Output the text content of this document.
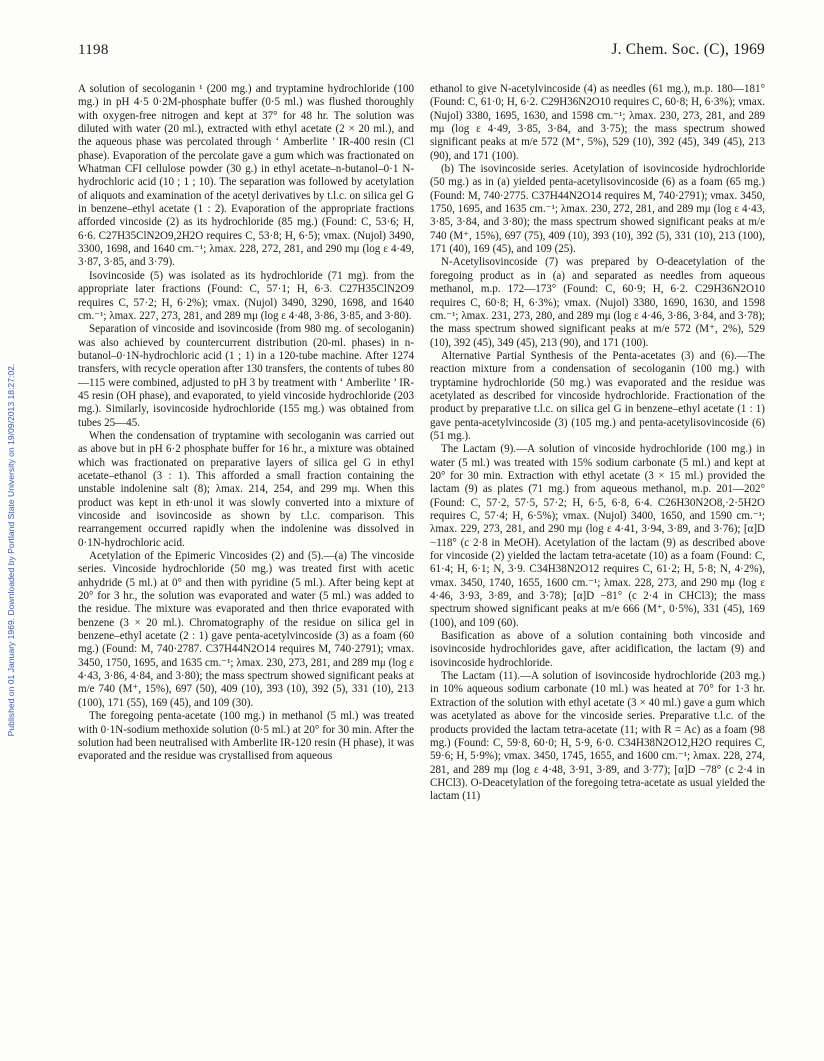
Published on 01 January 1969. Downloaded by Portland State University on 19/09/2013 18:27:02.
1198	J. Chem. Soc. (C), 1969

A solution of secologanin ¹ (200 mg.) and tryptamine hydrochloride (100 mg.) in pH 4·5 0·2M-phosphate buffer (0·5 ml.) was flushed thoroughly with oxygen-free nitrogen and kept at 37° for 48 hr. The solution was diluted with water (20 ml.), extracted with ethyl acetate (2 × 20 ml.), and the aqueous phase was percolated through ‘ Amberlite ’ IR-400 resin (Cl phase). Evaporation of the percolate gave a gum which was fractionated on Whatman CFI cellulose powder (30 g.) in ethyl acetate–n-butanol–0·1 N-hydrochloric acid (10 ; 1 ; 10). The separation was followed by acetylation of aliquots and examination of the acetyl derivatives by t.l.c. on silica gel G in benzene–ethyl acetate (1 : 2). Evaporation of the appropriate fractions afforded vincoside (2) as its hydrochloride (85 mg.) (Found: C, 53·6; H, 6·6. C27H35ClN2O9,2H2O requires C, 53·8; H, 6·5); νmax. (Nujol) 3490, 3300, 1698, and 1640 cm.⁻¹; λmax. 228, 272, 281, and 290 mμ (log ε 4·49, 3·87, 3·85, and 3·79).

Isovincoside (5) was isolated as its hydrochloride (71 mg). from the appropriate later fractions (Found: C, 57·1; H, 6·3. C27H35ClN2O9 requires C, 57·2; H, 6·2%); νmax. (Nujol) 3490, 3290, 1698, and 1640 cm.⁻¹; λmax. 227, 273, 281, and 289 mμ (log ε 4·48, 3·86, 3·85, and 3·80).

Separation of vincoside and isovincoside (from 980 mg. of secologanin) was also achieved by countercurrent distribution (20-ml. phases) in n-butanol–0·1N-hydrochloric acid (1 ; 1) in a 120-tube machine. After 1274 transfers, with recycle operation after 130 transfers, the contents of tubes 80—115 were combined, adjusted to pH 3 by treatment with ‘ Amberlite ’ IR-45 resin (OH phase), and evaporated, to yield vincoside hydrochloride (203 mg.). Similarly, isovincoside hydrochloride (155 mg.) was obtained from tubes 25—45.

When the condensation of tryptamine with secologanin was carried out as above but in pH 6·2 phosphate buffer for 16 hr., a mixture was obtained which was fractionated on preparative layers of silica gel G in ethyl acetate–ethanol (3 : 1). This afforded a small fraction containing the unstable indolenine salt (8); λmax. 214, 254, and 299 mμ. When this product was kept in eth·unol it was slowly converted into a mixture of vincoside and isovincoside as shown by t.l.c. comparison. This rearrangement occurred rapidly when the indolenine was dissolved in 0·1N-hydrochloric acid.

Acetylation of the Epimeric Vincosides (2) and (5).—(a) The vincoside series. Vincoside hydrochloride (50 mg.) was treated first with acetic anhydride (5 ml.) at 0° and then with pyridine (5 ml.). After being kept at 20° for 3 hr., the solution was evaporated and water (5 ml.) was added to the residue. The mixture was evaporated and then thrice evaporated with benzene (3 × 20 ml.). Chromatography of the residue on silica gel in benzene–ethyl acetate (2 : 1) gave penta-acetylvincoside (3) as a foam (60 mg.) (Found: M, 740·2787. C37H44N2O14 requires M, 740·2791); νmax. 3450, 1750, 1695, and 1635 cm.⁻¹; λmax. 230, 273, 281, and 289 mμ (log ε 4·43, 3·86, 4·84, and 3·80); the mass spectrum showed significant peaks at m/e 740 (M⁺, 15%), 697 (50), 409 (10), 393 (10), 392 (5), 331 (10), 213 (100), 171 (55), 169 (45), and 109 (30).

The foregoing penta-acetate (100 mg.) in methanol (5 ml.) was treated with 0·1N-sodium methoxide solution (0·5 ml.) at 20° for 30 min. After the solution had been neutralised with Amberlite IR-120 resin (H phase), it was evaporated and the residue was crystallised from aqueous

ethanol to give N-acetylvincoside (4) as needles (61 mg.), m.p. 180—181° (Found: C, 61·0; H, 6·2. C29H36N2O10 requires C, 60·8; H, 6·3%); νmax. (Nujol) 3380, 1695, 1630, and 1598 cm.⁻¹; λmax. 230, 273, 281, and 289 mμ (log ε 4·49, 3·85, 3·84, and 3·75); the mass spectrum showed significant peaks at m/e 572 (M⁺, 5%), 529 (10), 392 (45), 349 (45), 213 (90), and 171 (100).

(b) The isovincoside series. Acetylation of isovincoside hydrochloride (50 mg.) as in (a) yielded penta-acetylisovincoside (6) as a foam (65 mg.) (Found: M, 740·2775. C37H44N2O14 requires M, 740·2791); νmax. 3450, 1750, 1695, and 1635 cm.⁻¹; λmax. 230, 272, 281, and 289 mμ (log ε 4·43, 3·85, 3·84, and 3·80); the mass spectrum showed significant peaks at m/e 740 (M⁺, 15%), 697 (75), 409 (10), 393 (10), 392 (5), 331 (10), 213 (100), 171 (40), 169 (45), and 109 (25).

N-Acetylisovincoside (7) was prepared by O-deacetylation of the foregoing product as in (a) and separated as needles from aqueous methanol, m.p. 172—173° (Found: C, 60·9; H, 6·2. C29H36N2O10 requires C, 60·8; H, 6·3%); νmax. (Nujol) 3380, 1690, 1630, and 1598 cm.⁻¹; λmax. 231, 273, 280, and 289 mμ (log ε 4·46, 3·86, 3·84, and 3·78); the mass spectrum showed significant peaks at m/e 572 (M⁺, 2%), 529 (10), 392 (45), 349 (45), 213 (90), and 171 (100).

Alternative Partial Synthesis of the Penta-acetates (3) and (6).—The reaction mixture from a condensation of secologanin (100 mg.) with tryptamine hydrochloride (50 mg.) was evaporated and the residue was acetylated as described for vincoside hydrochloride. Fractionation of the product by preparative t.l.c. on silica gel G in benzene–ethyl acetate (1 : 1) gave penta-acetylvincoside (3) (105 mg.) and penta-acetylisovincoside (6) (51 mg.).

The Lactam (9).—A solution of vincoside hydrochloride (100 mg.) in water (5 ml.) was treated with 15% sodium carbonate (5 ml.) and kept at 20° for 30 min. Extraction with ethyl acetate (3 × 15 ml.) provided the lactam (9) as plates (71 mg.) from aqueous methanol, m.p. 201—202° (Found: C, 57·2, 57·5, 57·2; H, 6·5, 6·8, 6·4. C26H30N2O8,·2·5H2O requires C, 57·4; H, 6·5%); νmax. (Nujol) 3400, 1650, and 1590 cm.⁻¹; λmax. 229, 273, 281, and 290 mμ (log ε 4·41, 3·94, 3·89, and 3·76); [α]D −118° (c 2·8 in MeOH). Acetylation of the lactam (9) as described above for vincoside (2) yielded the lactam tetra-acetate (10) as a foam (Found: C, 61·4; H, 6·1; N, 3·9. C34H38N2O12 requires C, 61·2; H, 5·8; N, 4·2%), νmax. 3450, 1740, 1655, 1600 cm.⁻¹; λmax. 228, 273, and 290 mμ (log ε 4·46, 3·93, 3·89, and 3·78); [α]D −81° (c 2·4 in CHCl3); the mass spectrum showed significant peaks at m/e 666 (M⁺, 0·5%), 331 (45), 169 (100), and 109 (60).

Basification as above of a solution containing both vincoside and isovincoside hydrochlorides gave, after acidification, the lactam (9) and isovincoside hydrochloride.

The Lactam (11).—A solution of isovincoside hydrochloride (203 mg.) in 10% aqueous sodium carbonate (10 ml.) was heated at 70° for 1·3 hr. Extraction of the solution with ethyl acetate (3 × 40 ml.) gave a gum which was acetylated as above for the vincoside series. Preparative t.l.c. of the products provided the lactam tetra-acetate (11; with R = Ac) as a foam (98 mg.) (Found: C, 59·8, 60·0; H, 5·9, 6·0. C34H38N2O12,H2O requires C, 59·6; H, 5·9%); νmax. 3450, 1745, 1655, and 1600 cm.⁻¹; λmax. 228, 274, 281, and 289 mμ (log ε 4·48, 3·91, 3·89, and 3·77); [α]D −78° (c 2·4 in CHCl3). O-Deacetylation of the foregoing tetra-acetate as usual yielded the lactam (11)
